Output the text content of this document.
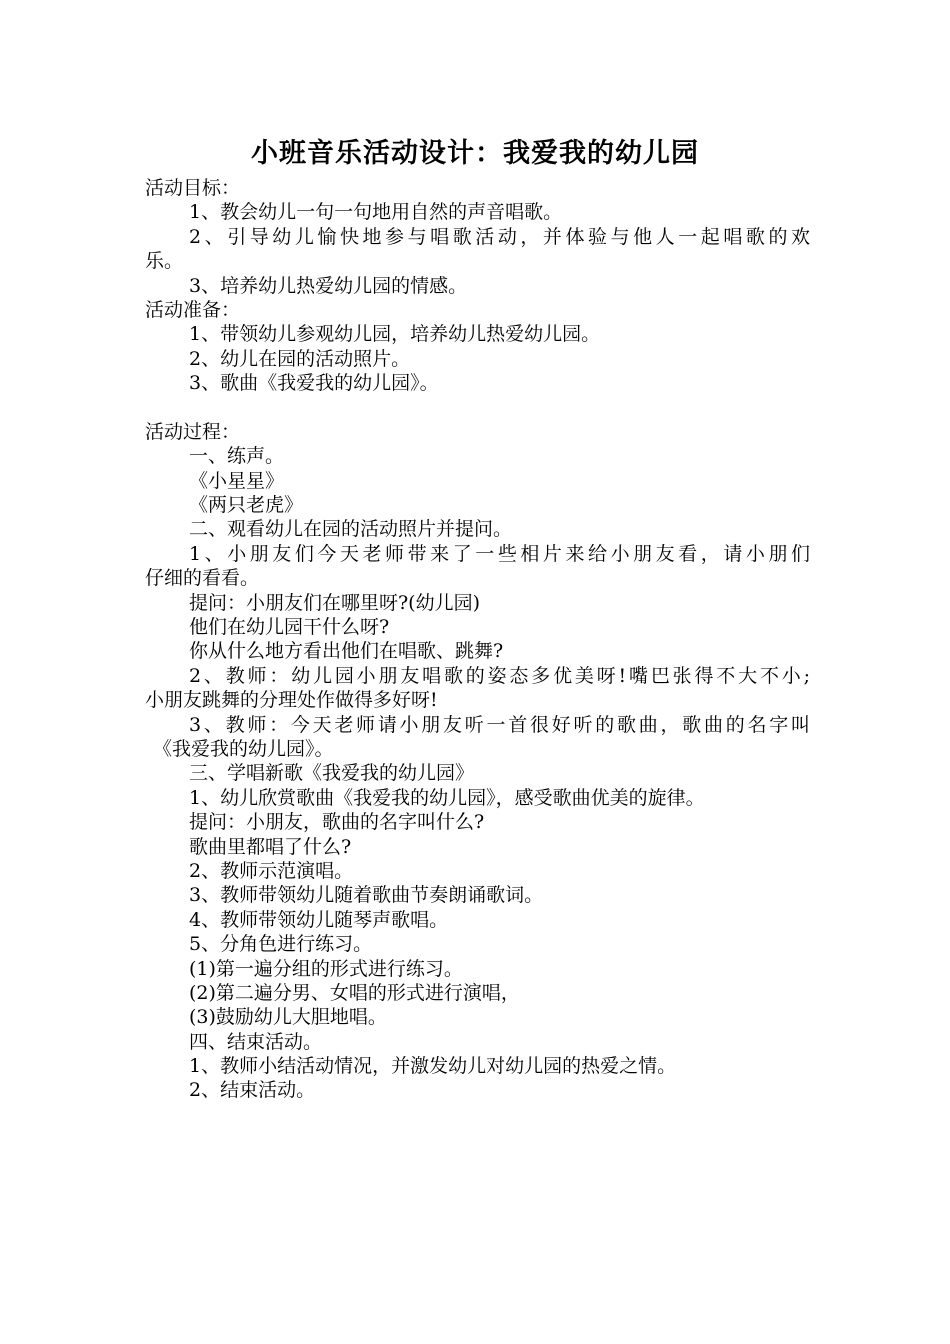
小班音乐活动设计：我爱我的幼儿园
活动目标：
1、教会幼儿一句一句地用自然的声音唱歌。
2、引导幼儿愉快地参与唱歌活动，并体验与他人一起唱歌的欢
乐。
3、培养幼儿热爱幼儿园的情感。
活动准备：
1、带领幼儿参观幼儿园，培养幼儿热爱幼儿园。
2、幼儿在园的活动照片。
3、歌曲《我爱我的幼儿园》。
活动过程：
一、练声。
《小星星》
《两只老虎》
二、观看幼儿在园的活动照片并提问。
1、小朋友们今天老师带来了一些相片来给小朋友看，请小朋们
仔细的看看。
提问：小朋友们在哪里呀?(幼儿园)
他们在幼儿园干什么呀?
你从什么地方看出他们在唱歌、跳舞?
2、教师：幼儿园小朋友唱歌的姿态多优美呀!嘴巴张得不大不小;
小朋友跳舞的分理处作做得多好呀!
3、教师：今天老师请小朋友听一首很好听的歌曲，歌曲的名字叫
《我爱我的幼儿园》。
三、学唱新歌《我爱我的幼儿园》
1、幼儿欣赏歌曲《我爱我的幼儿园》，感受歌曲优美的旋律。
提问：小朋友，歌曲的名字叫什么?
歌曲里都唱了什么?
2、教师示范演唱。
3、教师带领幼儿随着歌曲节奏朗诵歌词。
4、教师带领幼儿随琴声歌唱。
5、分角色进行练习。
(1)第一遍分组的形式进行练习。
(2)第二遍分男、女唱的形式进行演唱，
(3)鼓励幼儿大胆地唱。
四、结束活动。
1、教师小结活动情况，并激发幼儿对幼儿园的热爱之情。
2、结束活动。
